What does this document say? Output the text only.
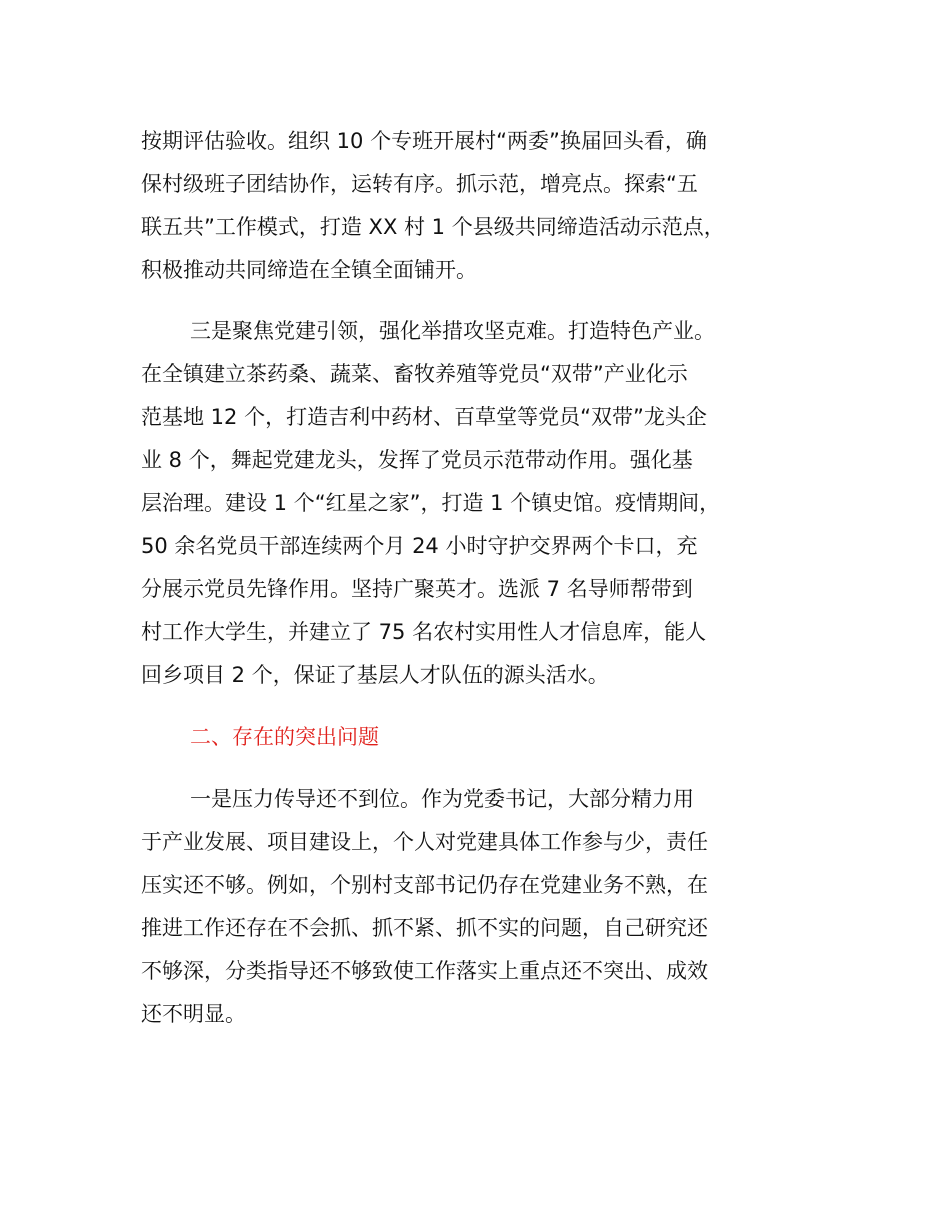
按期评估验收。组织 10 个专班开展村“两委”换届回头看，确
保村级班子团结协作，运转有序。抓示范，增亮点。探索“五
联五共”工作模式，打造 XX 村 1 个县级共同缔造活动示范点，
积极推动共同缔造在全镇全面铺开。
三是聚焦党建引领，强化举措攻坚克难。打造特色产业。
在全镇建立茶药桑、蔬菜、畜牧养殖等党员“双带”产业化示
范基地 12 个，打造吉利中药材、百草堂等党员“双带”龙头企
业 8 个，舞起党建龙头，发挥了党员示范带动作用。强化基
层治理。建设 1 个“红星之家”，打造 1 个镇史馆。疫情期间，
50 余名党员干部连续两个月 24 小时守护交界两个卡口，充
分展示党员先锋作用。坚持广聚英才。选派 7 名导师帮带到
村工作大学生，并建立了 75 名农村实用性人才信息库，能人
回乡项目 2 个，保证了基层人才队伍的源头活水。
二、存在的突出问题
一是压力传导还不到位。作为党委书记，大部分精力用
于产业发展、项目建设上，个人对党建具体工作参与少，责任
压实还不够。例如，个别村支部书记仍存在党建业务不熟，在
推进工作还存在不会抓、抓不紧、抓不实的问题，自己研究还
不够深，分类指导还不够致使工作落实上重点还不突出、成效
还不明显。
